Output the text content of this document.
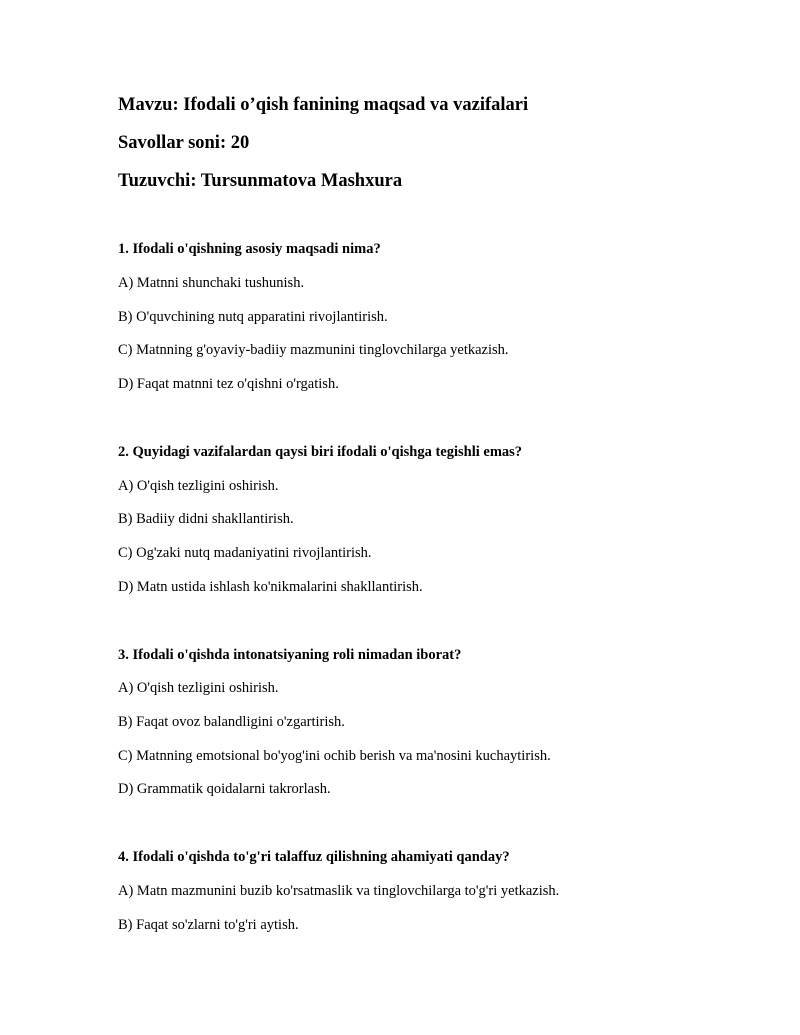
Mavzu: Ifodali o’qish fanining maqsad va vazifalari
Savollar soni: 20
Tuzuvchi: Tursunmatova Mashxura
1. Ifodali o'qishning asosiy maqsadi nima?
A) Matnni shunchaki tushunish.
B) O'quvchining nutq apparatini rivojlantirish.
C) Matnning g'oyaviy-badiiy mazmunini tinglovchilarga yetkazish.
D) Faqat matnni tez o'qishni o'rgatish.
2. Quyidagi vazifalardan qaysi biri ifodali o'qishga tegishli emas?
A) O'qish tezligini oshirish.
B) Badiiy didni shakllantirish.
C) Og'zaki nutq madaniyatini rivojlantirish.
D) Matn ustida ishlash ko'nikmalarini shakllantirish.
3. Ifodali o'qishda intonatsiyaning roli nimadan iborat?
A) O'qish tezligini oshirish.
B) Faqat ovoz balandligini o'zgartirish.
C) Matnning emotsional bo'yog'ini ochib berish va ma'nosini kuchaytirish.
D) Grammatik qoidalarni takrorlash.
4. Ifodali o'qishda to'g'ri talaffuz qilishning ahamiyati qanday?
A) Matn mazmunini buzib ko'rsatmaslik va tinglovchilarga to'g'ri yetkazish.
B) Faqat so'zlarni to'g'ri aytish.
